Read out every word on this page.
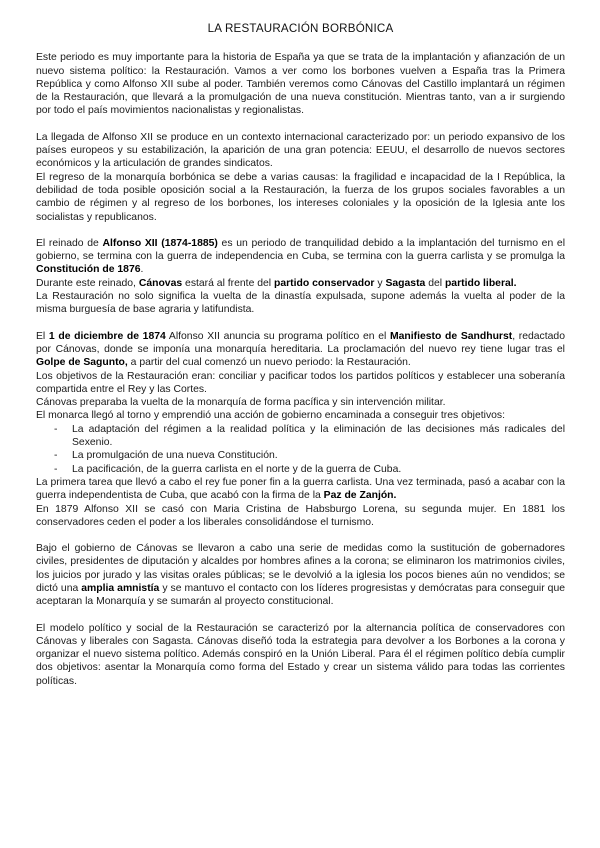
LA RESTAURACIÓN BORBÓNICA

Este periodo es muy importante para la historia de España ya que se trata de la implantación y afianzación de un nuevo sistema político: la Restauración. Vamos a ver como los borbones vuelven a España tras la Primera República y como Alfonso XII sube al poder. También veremos como Cánovas del Castillo implantará un régimen de la Restauración, que llevará a la promulgación de una nueva constitución. Mientras tanto, van a ir surgiendo por todo el país movimientos nacionalistas y regionalistas.

La llegada de Alfonso XII se produce en un contexto internacional caracterizado por: un periodo expansivo de los países europeos y su estabilización, la aparición de una gran potencia: EEUU, el desarrollo de nuevos sectores económicos y la articulación de grandes sindicatos.

El regreso de la monarquía borbónica se debe a varias causas: la fragilidad e incapacidad de la I República, la debilidad de toda posible oposición social a la Restauración, la fuerza de los grupos sociales favorables a un cambio de régimen y al regreso de los borbones, los intereses coloniales y la oposición de la Iglesia ante los socialistas y republicanos.

El reinado de Alfonso XII (1874-1885) es un periodo de tranquilidad debido a la implantación del turnismo en el gobierno, se termina con la guerra de independencia en Cuba, se termina con la guerra carlista y se promulga la Constitución de 1876.

Durante este reinado, Cánovas estará al frente del partido conservador y Sagasta del partido liberal.

La Restauración no solo significa la vuelta de la dinastía expulsada, supone además la vuelta al poder de la misma burguesía de base agraria y latifundista.

El 1 de diciembre de 1874 Alfonso XII anuncia su programa político en el Manifiesto de Sandhurst, redactado por Cánovas, donde se imponía una monarquía hereditaria. La proclamación del nuevo rey tiene lugar tras el Golpe de Sagunto, a partir del cual comenzó un nuevo periodo: la Restauración.

Los objetivos de la Restauración eran: conciliar y pacificar todos los partidos políticos y establecer una soberanía compartida entre el Rey y las Cortes.

Cánovas preparaba la vuelta de la monarquía de forma pacífica y sin intervención militar.

El monarca llegó al torno y emprendió una acción de gobierno encaminada a conseguir tres objetivos:

- La adaptación del régimen a la realidad política y la eliminación de las decisiones más radicales del Sexenio.
- La promulgación de una nueva Constitución.
- La pacificación, de la guerra carlista en el norte y de la guerra de Cuba.

La primera tarea que llevó a cabo el rey fue poner fin a la guerra carlista. Una vez terminada, pasó a acabar con la guerra independentista de Cuba, que acabó con la firma de la Paz de Zanjón.

En 1879 Alfonso XII se casó con Maria Cristina de Habsburgo Lorena, su segunda mujer. En 1881 los conservadores ceden el poder a los liberales consolidándose el turnismo.

Bajo el gobierno de Cánovas se llevaron a cabo una serie de medidas como la sustitución de gobernadores civiles, presidentes de diputación y alcaldes por hombres afines a la corona; se eliminaron los matrimonios civiles, los juicios por jurado y las visitas orales públicas; se le devolvió a la iglesia los pocos bienes aún no vendidos; se dictó una amplia amnistía y se mantuvo el contacto con los líderes progresistas y demócratas para conseguir que aceptaran la Monarquía y se sumarán al proyecto constitucional.

El modelo político y social de la Restauración se caracterizó por la alternancia política de conservadores con Cánovas y liberales con Sagasta. Cánovas diseñó toda la estrategia para devolver a los Borbones a la corona y organizar el nuevo sistema político. Además conspiró en la Unión Liberal. Para él el régimen político debía cumplir dos objetivos: asentar la Monarquía como forma del Estado y crear un sistema válido para todas las corrientes políticas.
